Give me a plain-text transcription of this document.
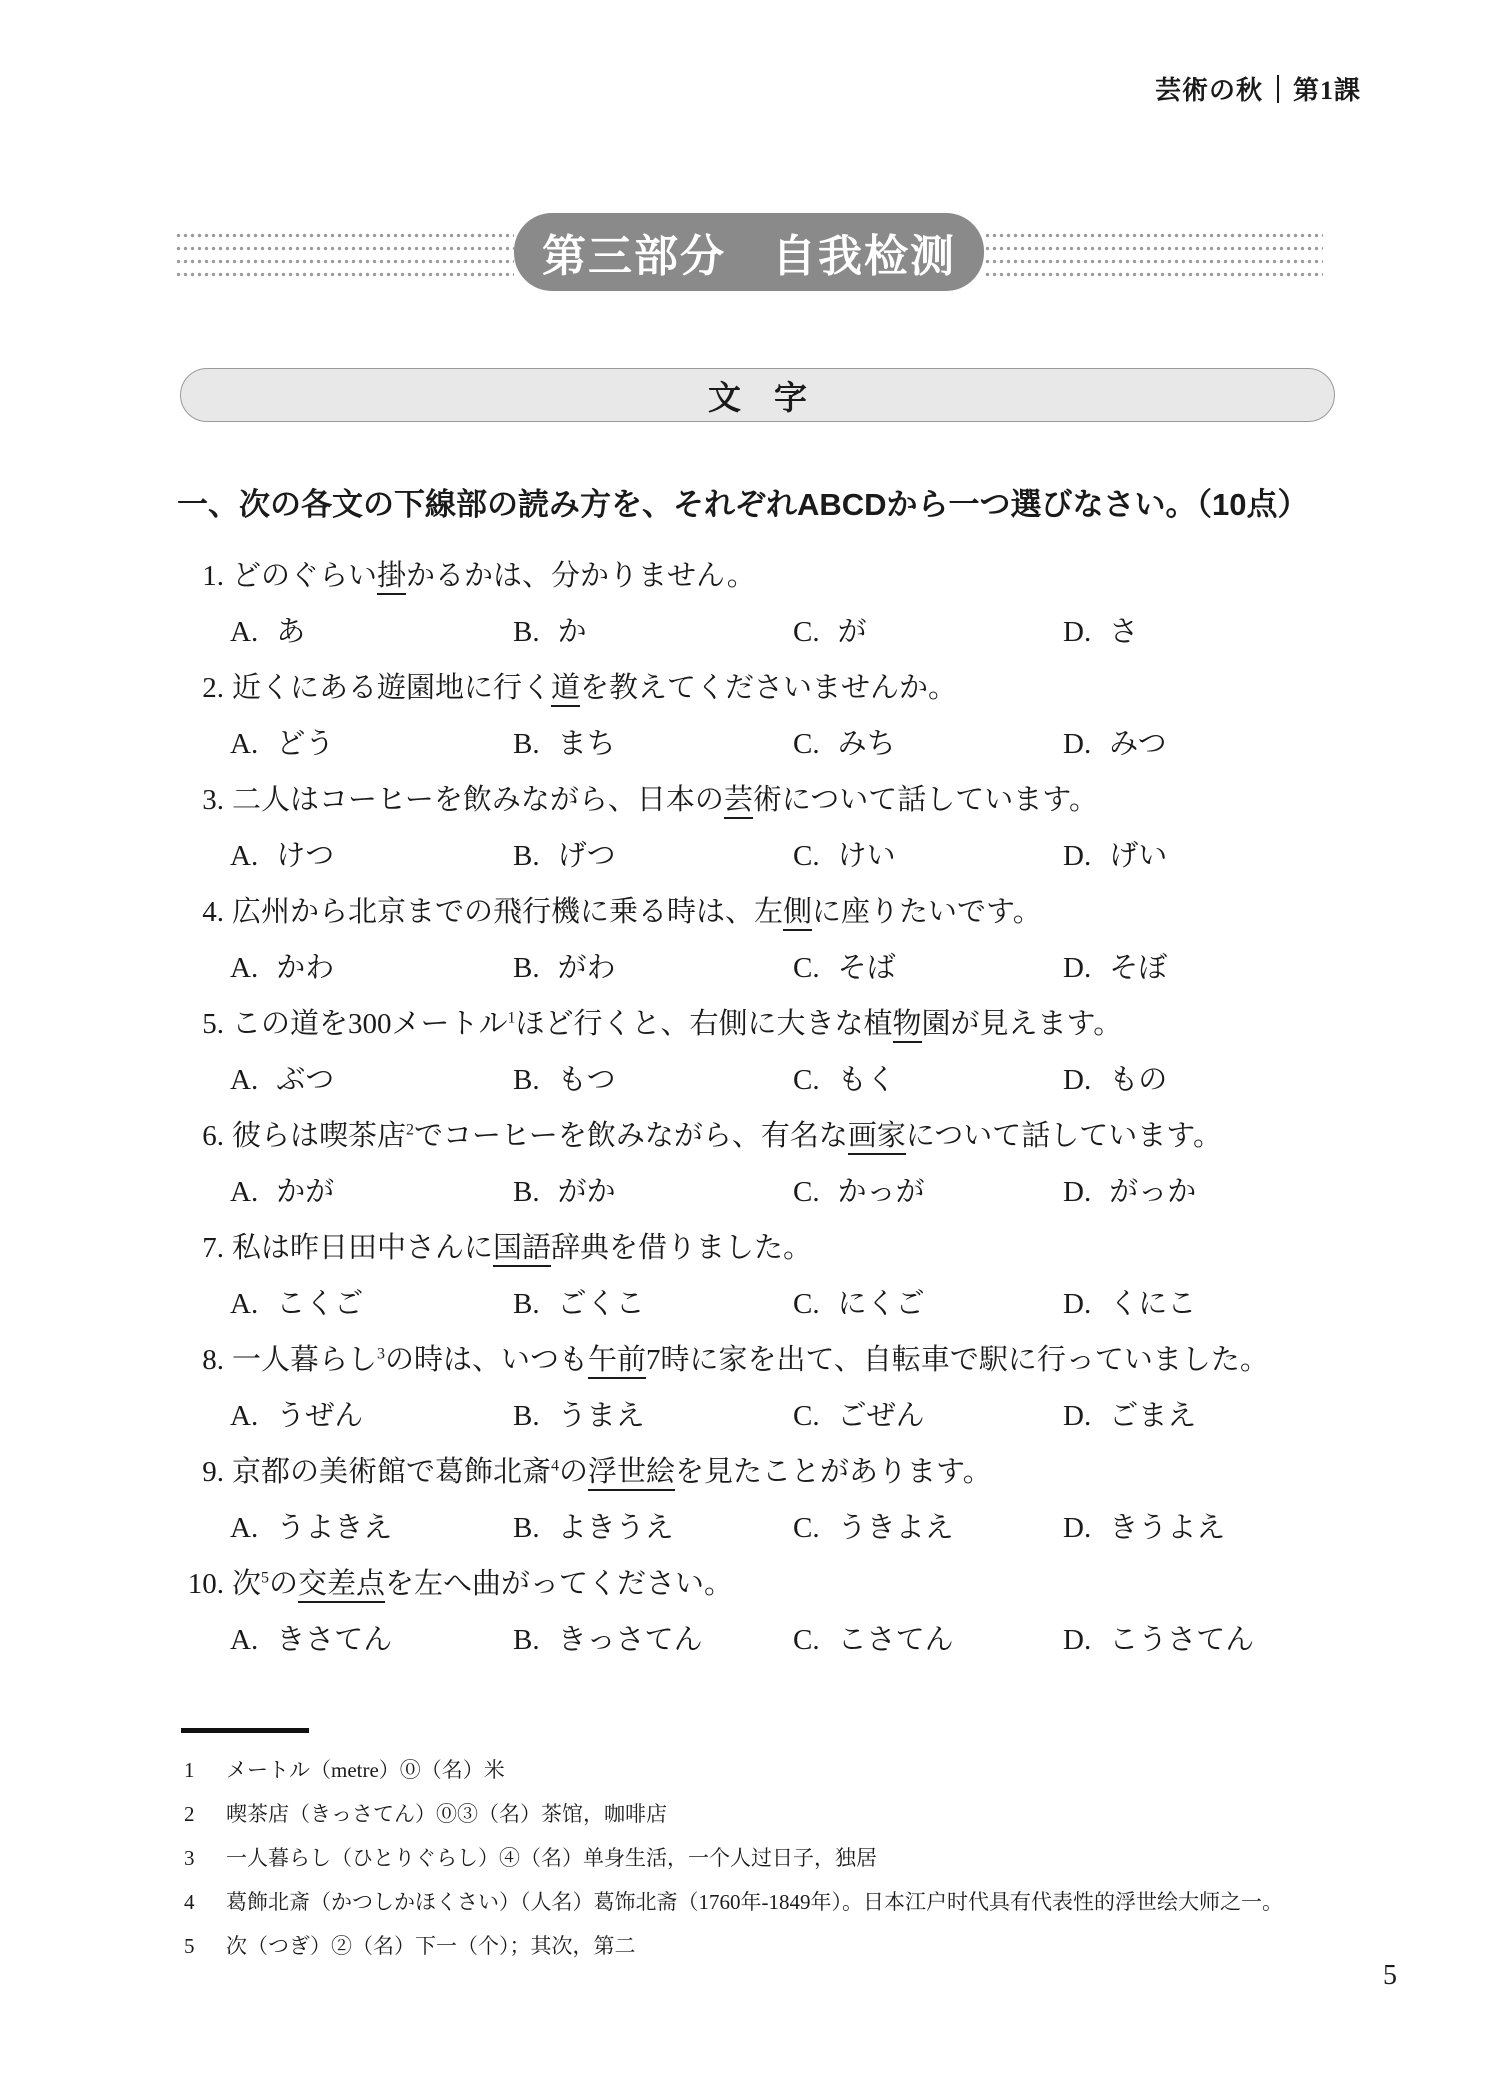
芸術の秋 第1課
第三部分　自我检测
文　字
一、次の各文の下線部の読み方を、それぞれABCDから一つ選びなさい。（10点）
1. どのぐらい掛かるかは、分かりません。
A. あ	B. か	C. が	D. さ
2. 近くにある遊園地に行く道を教えてくださいませんか。
A. どう	B. まち	C. みち	D. みつ
3. 二人はコーヒーを飲みながら、日本の芸術について話しています。
A. けつ	B. げつ	C. けい	D. げい
4. 広州から北京までの飛行機に乗る時は、左側に座りたいです。
A. かわ	B. がわ	C. そば	D. そぼ
5. この道を300メートル$^1$ほど行くと、右側に大きな植物園が見えます。
A. ぶつ	B. もつ	C. もく	D. もの
6. 彼らは喫茶店$^2$でコーヒーを飲みながら、有名な画家について話しています。
A. かが	B. がか	C. かっが	D. がっか
7. 私は昨日田中さんに国語辞典を借りました。
A. こくご	B. ごくこ	C. にくご	D. くにこ
8. 一人暮らし$^3$の時は、いつも午前7時に家を出て、自転車で駅に行っていました。
A. うぜん	B. うまえ	C. ごぜん	D. ごまえ
9. 京都の美術館で葛飾北斎$^4$の浮世絵を見たことがあります。
A. うよきえ	B. よきうえ	C. うきよえ	D. きうよえ
10. 次$^5$の交差点を左へ曲がってください。
A. きさてん	B. きっさてん	C. こさてん	D. こうさてん
1 メートル（metre）⓪（名）米
2 喫茶店（きっさてん）⓪③（名）茶馆，咖啡店
3 一人暮らし（ひとりぐらし）④（名）单身生活，一个人过日子，独居
4 葛飾北斎（かつしかほくさい）（人名）葛饰北斋（1760年-1849年）。日本江户时代具有代表性的浮世绘大师之一。
5 次（つぎ）②（名）下一（个）；其次，第二
5
